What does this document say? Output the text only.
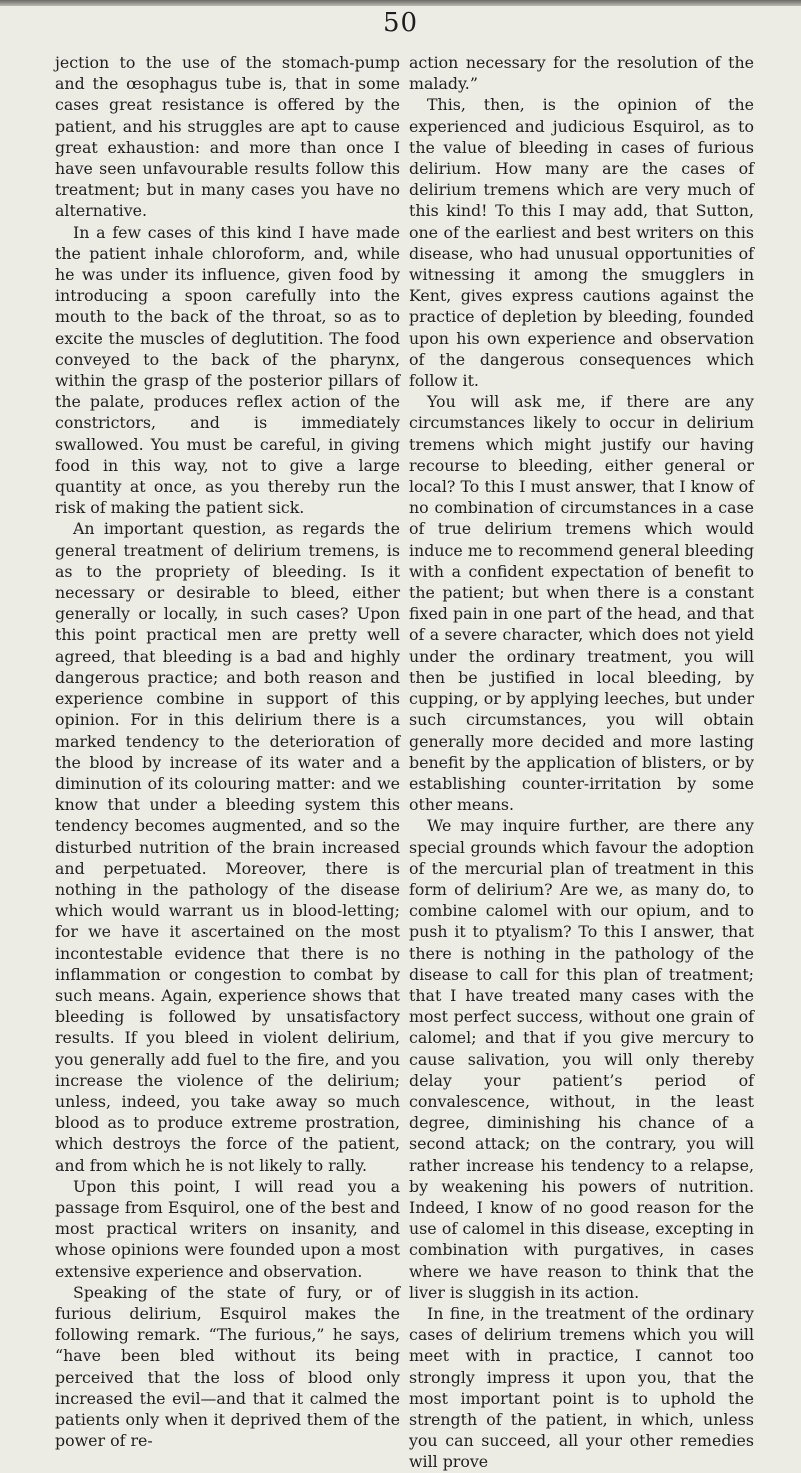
50

jection to the use of the stomach-pump and the œsophagus tube is, that in some cases great resistance is offered by the patient, and his struggles are apt to cause great exhaustion: and more than once I have seen unfavourable results follow this treatment; but in many cases you have no alternative.

In a few cases of this kind I have made the patient inhale chloroform, and, while he was under its influence, given food by introducing a spoon carefully into the mouth to the back of the throat, so as to excite the muscles of deglutition. The food conveyed to the back of the pharynx, within the grasp of the posterior pillars of the palate, produces reflex action of the constrictors, and is immediately swallowed. You must be careful, in giving food in this way, not to give a large quantity at once, as you thereby run the risk of making the patient sick.

An important question, as regards the general treatment of delirium tremens, is as to the propriety of bleeding. Is it necessary or desirable to bleed, either generally or locally, in such cases? Upon this point practical men are pretty well agreed, that bleeding is a bad and highly dangerous practice; and both reason and experience combine in support of this opinion. For in this delirium there is a marked tendency to the deterioration of the blood by increase of its water and a diminution of its colouring matter: and we know that under a bleeding system this tendency becomes augmented, and so the disturbed nutrition of the brain increased and perpetuated. Moreover, there is nothing in the pathology of the disease which would warrant us in blood-letting; for we have it ascertained on the most incontestable evidence that there is no inflammation or congestion to combat by such means. Again, experience shows that bleeding is followed by unsatisfactory results. If you bleed in violent delirium, you generally add fuel to the fire, and you increase the violence of the delirium; unless, indeed, you take away so much blood as to produce extreme prostration, which destroys the force of the patient, and from which he is not likely to rally.

Upon this point, I will read you a passage from Esquirol, one of the best and most practical writers on insanity, and whose opinions were founded upon a most extensive experience and observation.

Speaking of the state of fury, or of furious delirium, Esquirol makes the following remark. “The furious,” he says, “have been bled without its being perceived that the loss of blood only increased the evil—and that it calmed the patients only when it deprived them of the power of re-

action necessary for the resolution of the malady.”

This, then, is the opinion of the experienced and judicious Esquirol, as to the value of bleeding in cases of furious delirium. How many are the cases of delirium tremens which are very much of this kind! To this I may add, that Sutton, one of the earliest and best writers on this disease, who had unusual opportunities of witnessing it among the smugglers in Kent, gives express cautions against the practice of depletion by bleeding, founded upon his own experience and observation of the dangerous consequences which follow it.

You will ask me, if there are any circumstances likely to occur in delirium tremens which might justify our having recourse to bleeding, either general or local? To this I must answer, that I know of no combination of circumstances in a case of true delirium tremens which would induce me to recommend general bleeding with a confident expectation of benefit to the patient; but when there is a constant fixed pain in one part of the head, and that of a severe character, which does not yield under the ordinary treatment, you will then be justified in local bleeding, by cupping, or by applying leeches, but under such circumstances, you will obtain generally more decided and more lasting benefit by the application of blisters, or by establishing counter-irritation by some other means.

We may inquire further, are there any special grounds which favour the adoption of the mercurial plan of treatment in this form of delirium? Are we, as many do, to combine calomel with our opium, and to push it to ptyalism? To this I answer, that there is nothing in the pathology of the disease to call for this plan of treatment; that I have treated many cases with the most perfect success, without one grain of calomel; and that if you give mercury to cause salivation, you will only thereby delay your patient’s period of convalescence, without, in the least degree, diminishing his chance of a second attack; on the contrary, you will rather increase his tendency to a relapse, by weakening his powers of nutrition. Indeed, I know of no good reason for the use of calomel in this disease, excepting in combination with purgatives, in cases where we have reason to think that the liver is sluggish in its action.

In fine, in the treatment of the ordinary cases of delirium tremens which you will meet with in practice, I cannot too strongly impress it upon you, that the most important point is to uphold the strength of the patient, in which, unless you can succeed, all your other remedies will prove
